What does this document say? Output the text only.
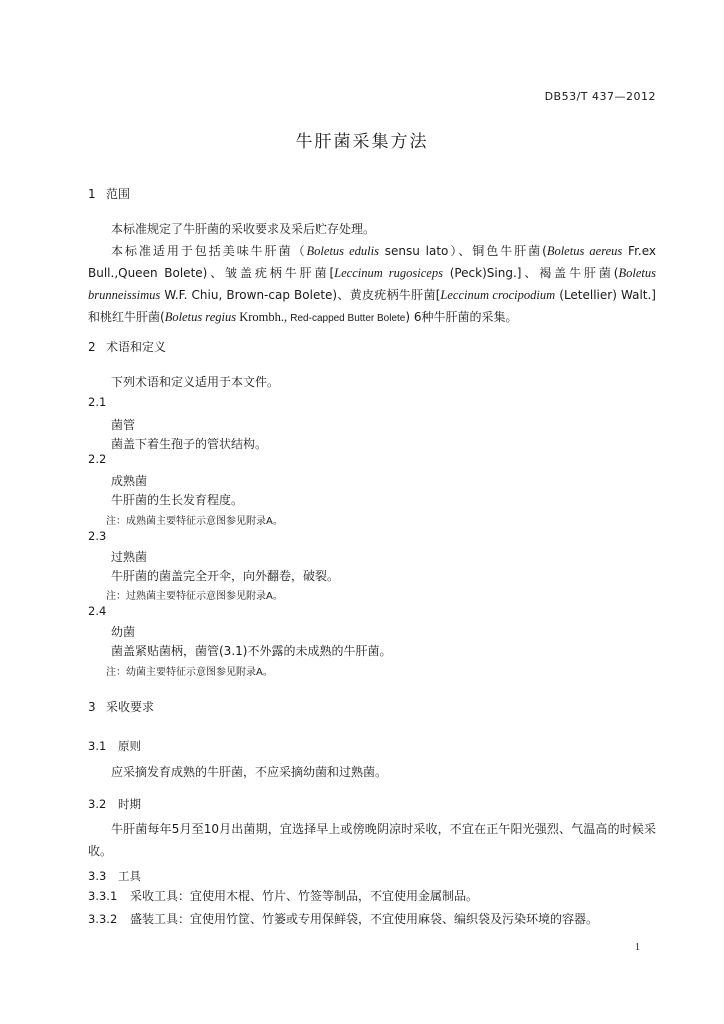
DB53/T 437—2012
牛肝菌采集方法
1 范围
本标准规定了牛肝菌的采收要求及采后贮存处理。
本标准适用于包括美味牛肝菌（Boletus edulis sensu lato）、铜色牛肝菌(Boletus aereus Fr.ex Bull.,Queen Bolete)、皱盖疣柄牛肝菌[Leccinum rugosiceps (Peck)Sing.]、褐盖牛肝菌(Boletus brunneissimus W.F. Chiu, Brown-cap Bolete)、黄皮疣柄牛肝菌[Leccinum crocipodium (Letellier) Walt.]和桃红牛肝菌(Boletus regius Krombh., Red-capped Butter Bolete) 6种牛肝菌的采集。
2 术语和定义
下列术语和定义适用于本文件。
2.1
菌管
菌盖下着生孢子的管状结构。
2.2
成熟菌
牛肝菌的生长发育程度。
注：成熟菌主要特征示意图参见附录A。
2.3
过熟菌
牛肝菌的菌盖完全开伞，向外翻卷，破裂。
注：过熟菌主要特征示意图参见附录A。
2.4
幼菌
菌盖紧贴菌柄，菌管(3.1)不外露的未成熟的牛肝菌。
注：幼菌主要特征示意图参见附录A。
3 采收要求
3.1 原则
应采摘发育成熟的牛肝菌，不应采摘幼菌和过熟菌。
3.2 时期
牛肝菌每年5月至10月出菌期，宜选择早上或傍晚阴凉时采收，不宜在正午阳光强烈、气温高的时候采收。
3.3 工具
3.3.1 采收工具：宜使用木棍、竹片、竹签等制品，不宜使用金属制品。
3.3.2 盛装工具：宜使用竹筐、竹篓或专用保鲜袋，不宜使用麻袋、编织袋及污染环境的容器。
1
